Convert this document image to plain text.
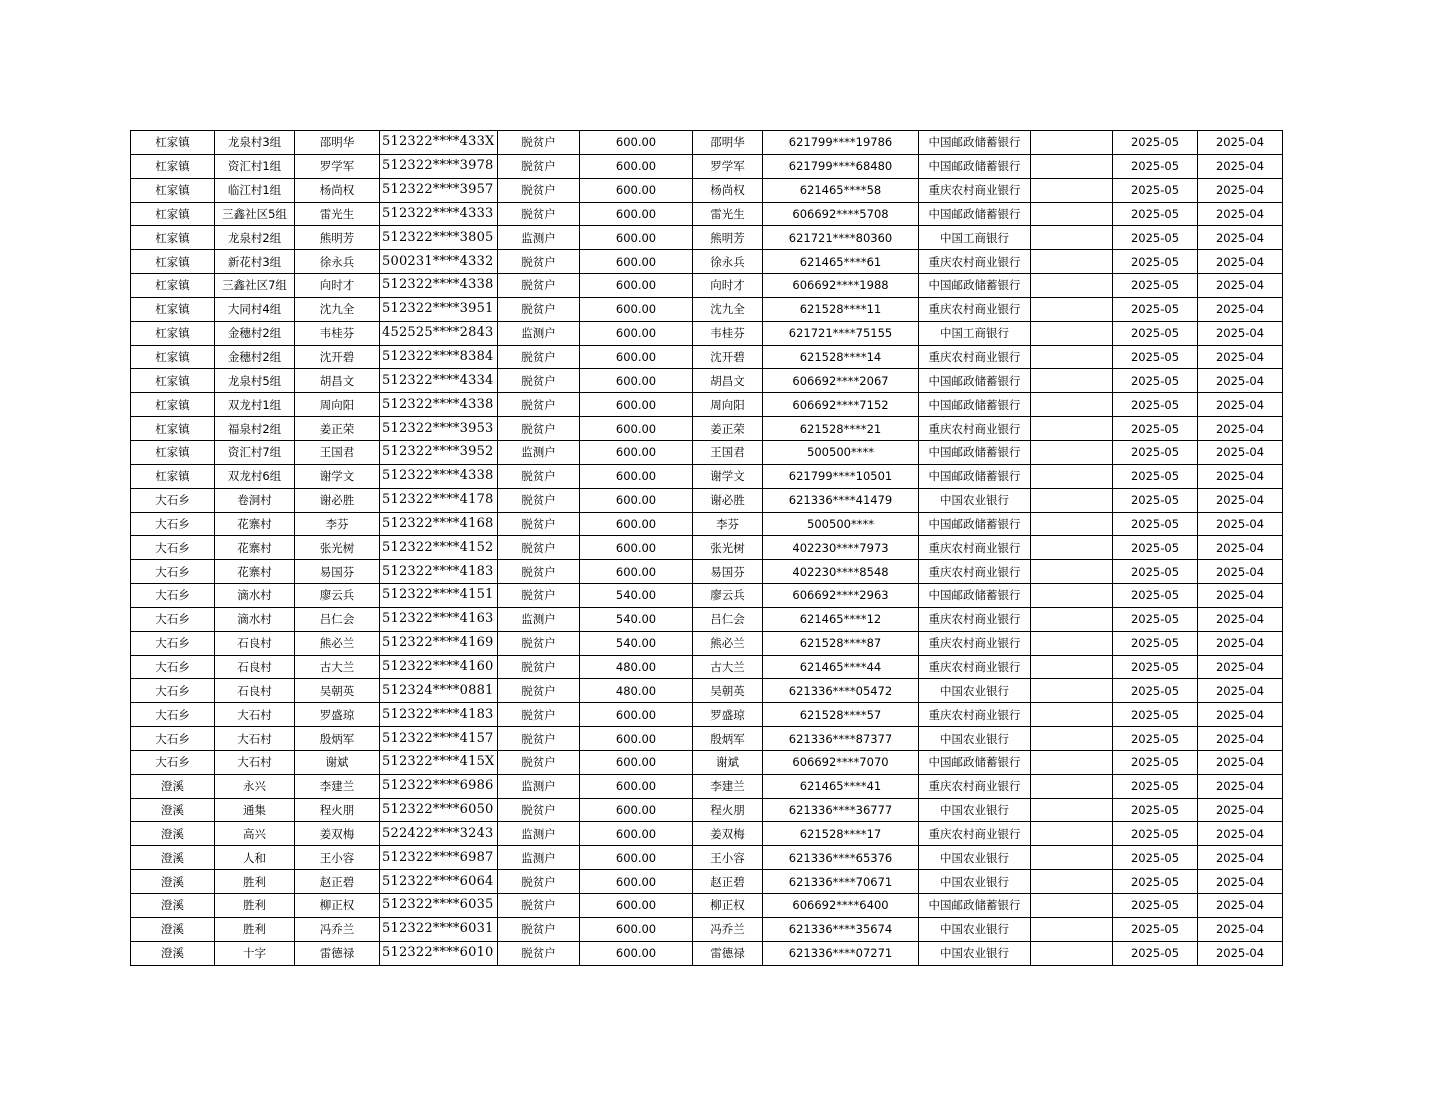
杠家镇	龙泉村3组	邵明华	512322****433X	脱贫户	600.00	邵明华	621799****19786	中国邮政储蓄银行		2025-05	2025-04
杠家镇	资汇村1组	罗学军	512322****3978	脱贫户	600.00	罗学军	621799****68480	中国邮政储蓄银行		2025-05	2025-04
杠家镇	临江村1组	杨尚权	512322****3957	脱贫户	600.00	杨尚权	621465****58	重庆农村商业银行		2025-05	2025-04
杠家镇	三鑫社区5组	雷光生	512322****4333	脱贫户	600.00	雷光生	606692****5708	中国邮政储蓄银行		2025-05	2025-04
杠家镇	龙泉村2组	熊明芳	512322****3805	监测户	600.00	熊明芳	621721****80360	中国工商银行		2025-05	2025-04
杠家镇	新花村3组	徐永兵	500231****4332	脱贫户	600.00	徐永兵	621465****61	重庆农村商业银行		2025-05	2025-04
杠家镇	三鑫社区7组	向时才	512322****4338	脱贫户	600.00	向时才	606692****1988	中国邮政储蓄银行		2025-05	2025-04
杠家镇	大同村4组	沈九全	512322****3951	脱贫户	600.00	沈九全	621528****11	重庆农村商业银行		2025-05	2025-04
杠家镇	金穗村2组	韦桂芬	452525****2843	监测户	600.00	韦桂芬	621721****75155	中国工商银行		2025-05	2025-04
杠家镇	金穗村2组	沈开碧	512322****8384	脱贫户	600.00	沈开碧	621528****14	重庆农村商业银行		2025-05	2025-04
杠家镇	龙泉村5组	胡昌文	512322****4334	脱贫户	600.00	胡昌文	606692****2067	中国邮政储蓄银行		2025-05	2025-04
杠家镇	双龙村1组	周向阳	512322****4338	脱贫户	600.00	周向阳	606692****7152	中国邮政储蓄银行		2025-05	2025-04
杠家镇	福泉村2组	姜正荣	512322****3953	脱贫户	600.00	姜正荣	621528****21	重庆农村商业银行		2025-05	2025-04
杠家镇	资汇村7组	王国君	512322****3952	监测户	600.00	王国君	500500****	中国邮政储蓄银行		2025-05	2025-04
杠家镇	双龙村6组	谢学文	512322****4338	脱贫户	600.00	谢学文	621799****10501	中国邮政储蓄银行		2025-05	2025-04
大石乡	卷洞村	谢必胜	512322****4178	脱贫户	600.00	谢必胜	621336****41479	中国农业银行		2025-05	2025-04
大石乡	花寨村	李芬	512322****4168	脱贫户	600.00	李芬	500500****	中国邮政储蓄银行		2025-05	2025-04
大石乡	花寨村	张光树	512322****4152	脱贫户	600.00	张光树	402230****7973	重庆农村商业银行		2025-05	2025-04
大石乡	花寨村	易国芬	512322****4183	脱贫户	600.00	易国芬	402230****8548	重庆农村商业银行		2025-05	2025-04
大石乡	滴水村	廖云兵	512322****4151	脱贫户	540.00	廖云兵	606692****2963	中国邮政储蓄银行		2025-05	2025-04
大石乡	滴水村	吕仁会	512322****4163	监测户	540.00	吕仁会	621465****12	重庆农村商业银行		2025-05	2025-04
大石乡	石良村	熊必兰	512322****4169	脱贫户	540.00	熊必兰	621528****87	重庆农村商业银行		2025-05	2025-04
大石乡	石良村	古大兰	512322****4160	脱贫户	480.00	古大兰	621465****44	重庆农村商业银行		2025-05	2025-04
大石乡	石良村	吴朝英	512324****0881	脱贫户	480.00	吴朝英	621336****05472	中国农业银行		2025-05	2025-04
大石乡	大石村	罗盛琼	512322****4183	脱贫户	600.00	罗盛琼	621528****57	重庆农村商业银行		2025-05	2025-04
大石乡	大石村	殷炳军	512322****4157	脱贫户	600.00	殷炳军	621336****87377	中国农业银行		2025-05	2025-04
大石乡	大石村	谢斌	512322****415X	脱贫户	600.00	谢斌	606692****7070	中国邮政储蓄银行		2025-05	2025-04
澄溪	永兴	李建兰	512322****6986	监测户	600.00	李建兰	621465****41	重庆农村商业银行		2025-05	2025-04
澄溪	通集	程火朋	512322****6050	脱贫户	600.00	程火朋	621336****36777	中国农业银行		2025-05	2025-04
澄溪	高兴	姜双梅	522422****3243	监测户	600.00	姜双梅	621528****17	重庆农村商业银行		2025-05	2025-04
澄溪	人和	王小容	512322****6987	监测户	600.00	王小容	621336****65376	中国农业银行		2025-05	2025-04
澄溪	胜利	赵正碧	512322****6064	脱贫户	600.00	赵正碧	621336****70671	中国农业银行		2025-05	2025-04
澄溪	胜利	柳正权	512322****6035	脱贫户	600.00	柳正权	606692****6400	中国邮政储蓄银行		2025-05	2025-04
澄溪	胜利	冯乔兰	512322****6031	脱贫户	600.00	冯乔兰	621336****35674	中国农业银行		2025-05	2025-04
澄溪	十字	雷德禄	512322****6010	脱贫户	600.00	雷德禄	621336****07271	中国农业银行		2025-05	2025-04
